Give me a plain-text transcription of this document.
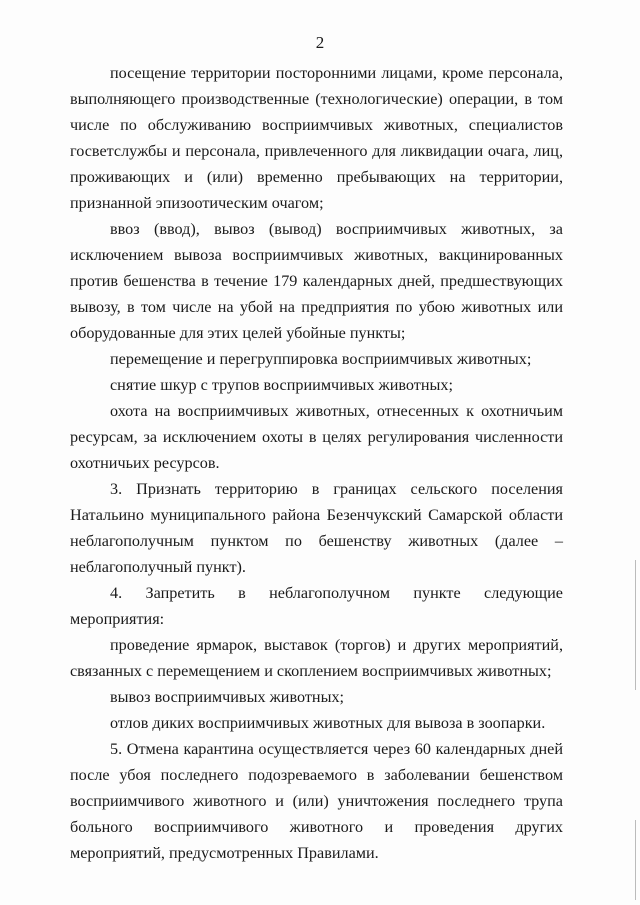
2

посещение территории посторонними лицами, кроме персонала, выполняющего производственные (технологические) операции, в том числе по обслуживанию восприимчивых животных, специалистов госветслужбы и персонала, привлеченного для ликвидации очага, лиц, проживающих и (или) временно пребывающих на территории, признанной эпизоотическим очагом;

ввоз (ввод), вывоз (вывод) восприимчивых животных, за исключением вывоза восприимчивых животных, вакцинированных против бешенства в течение 179 календарных дней, предшествующих вывозу, в том числе на убой на предприятия по убою животных или оборудованные для этих целей убойные пункты;

перемещение и перегруппировка восприимчивых животных;

снятие шкур с трупов восприимчивых животных;

охота на восприимчивых животных, отнесенных к охотничьим ресурсам, за исключением охоты в целях регулирования численности охотничьих ресурсов.

3. Признать территорию в границах сельского поселения Натальино муниципального района Безенчукский Самарской области неблагополучным пунктом по бешенству животных (далее – неблагополучный пункт).

4. Запретить в неблагополучном пункте следующие мероприятия:

проведение ярмарок, выставок (торгов) и других мероприятий, связанных с перемещением и скоплением восприимчивых животных;

вывоз восприимчивых животных;

отлов диких восприимчивых животных для вывоза в зоопарки.

5. Отмена карантина осуществляется через 60 календарных дней после убоя последнего подозреваемого в заболевании бешенством восприимчивого животного и (или) уничтожения последнего трупа больного восприимчивого животного и проведения других мероприятий, предусмотренных Правилами.
